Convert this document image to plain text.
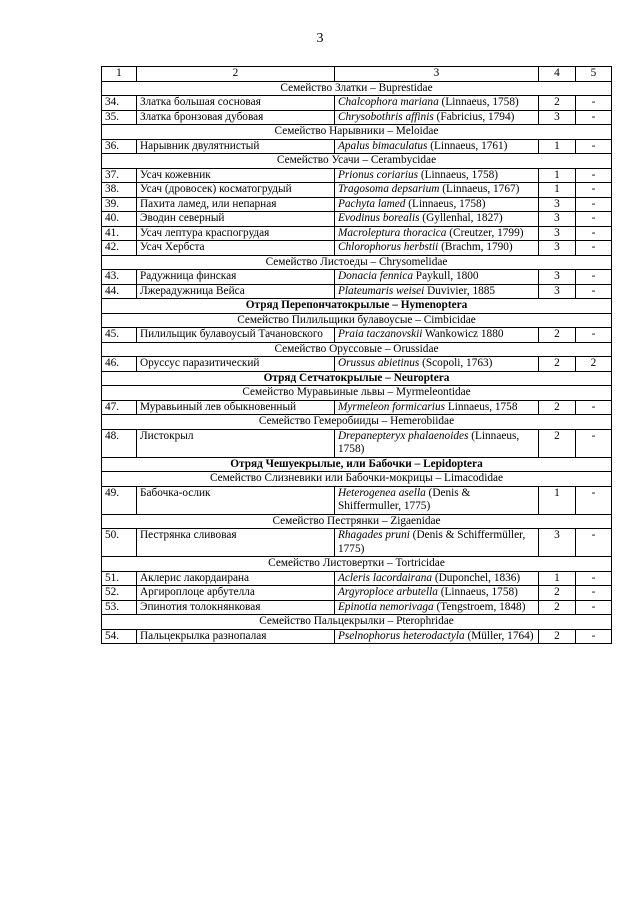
3
1	2	3	4	5
Семейство Златки – Buprestidae				
34.	Златка большая сосновая	Chalcophora mariana (Linnaeus, 1758)	2	-
35.	Златка бронзовая дубовая	Chrysobothris affinis (Fabricius, 1794)	3	-
Семейство Нарывники – Meloidae				
36.	Нарывник двулятнистый	Apalus bimaculatus (Linnaeus, 1761)	1	-
Семейство Усачи – Cerambycidae				
37.	Усач кожевник	Prionus coriarius (Linnaeus, 1758)	1	-
38.	Усач (дровосек) косматогрудый	Tragosoma depsarium (Linnaeus, 1767)	1	-
39.	Пахита ламед, или непарная	Pachyta lamed (Linnaeus, 1758)	3	-
40.	Эводин северный	Evodinus borealis (Gyllenhal, 1827)	3	-
41.	Усач лептура краспогрудая	Macroleptura thoracica (Creutzer, 1799)	3	-
42.	Усач Хербста	Chlorophorus herbstii (Brachm, 1790)	3	-
Семейство Листоеды – Chrysomelidae				
43.	Радужница финская	Donacia fennica Paykull, 1800	3	-
44.	Лжерадужница Вейса	Plateumaris weisei Duvivier, 1885	3	-
Отряд Перепончатокрылые – Hymenoptera				
Семейство Пилильщики булавоусые – Cimbicidae				
45.	Пилильщик булавоусый Тачановского	Praia taczanovskii Wankowicz 1880	2	-
Семейство Оруссовые – Orussidae				
46.	Оруссус паразитический	Orussus abietinus (Scopoli, 1763)	2	2
Отряд Сетчатокрылые – Neuroptera				
Семейство Муравьиные львы – Myrmeleontidae				
47.	Муравьиный лев обыкновенный	Myrmeleon formicarius Linnaeus, 1758	2	-
Семейство Гемеробииды – Hemerobiidae				
48.	Листокрыл	Drepanepteryx phalaenoides (Linnaeus, 1758)	2	-
Отряд Чешуекрылые, или Бабочки – Lepidoptera				
Семейство Слизневики или Бабочки-мокрицы – Limacodidae				
49.	Бабочка-ослик	Heterogenea asella (Denis & Shiffermuller, 1775)	1	-
Семейство Пестрянки – Zigaenidae				
50.	Пестрянка сливовая	Rhagades pruni (Denis & Schiffermüller, 1775)	3	-
Семейство Листовертки – Tortricidae				
51.	Аклерис лакордаирана	Acleris lacordairana (Duponchel, 1836)	1	-
52.	Аргироплоце арбутелла	Argyroploce arbutella (Linnaeus, 1758)	2	-
53.	Эпинотия толокнянковая	Epinotia nemorivaga (Tengstroem, 1848)	2	-
Семейство Пальцекрылки – Pterophridae				
54.	Пальцекрылка разнопалая	Pselnophorus heterodactyla (Müller, 1764)	2	-
